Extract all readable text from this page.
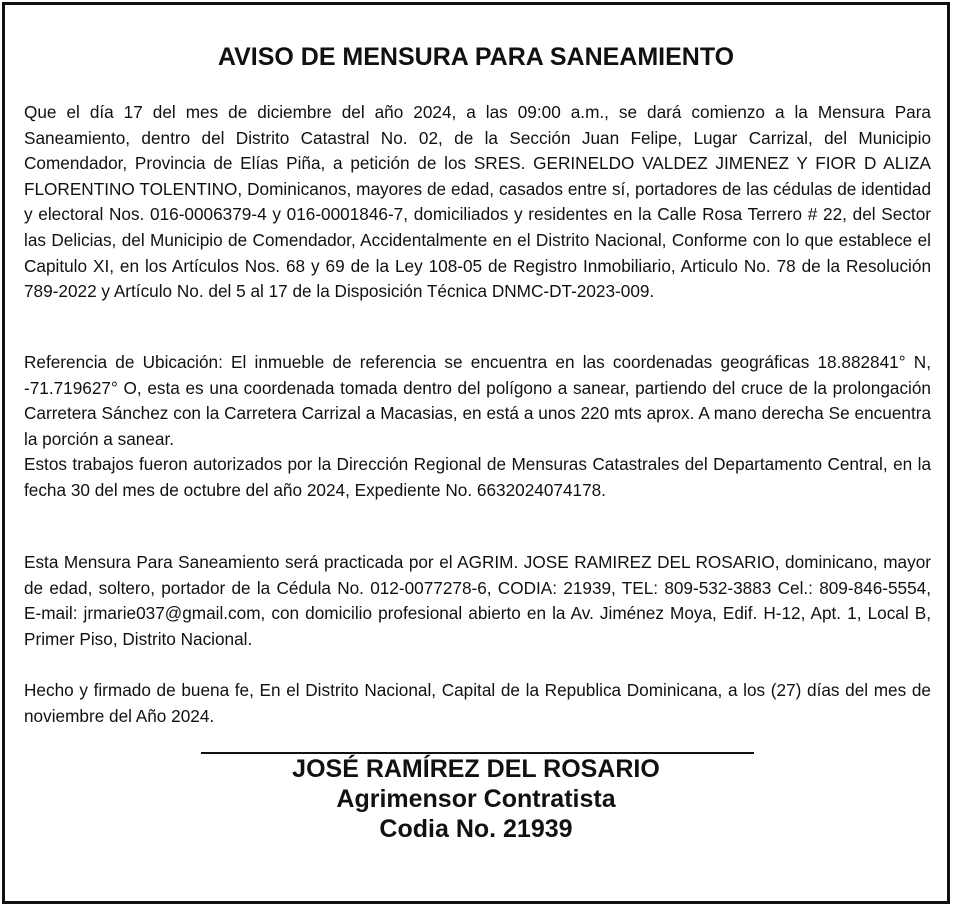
AVISO DE MENSURA PARA SANEAMIENTO

Que el día 17 del mes de diciembre del año 2024, a las 09:00 a.m., se dará comienzo a la Mensura Para Saneamiento, dentro del Distrito Catastral No. 02, de la Sección Juan Felipe, Lugar Carrizal, del Municipio Comendador, Provincia de Elías Piña, a petición de los SRES. GERINELDO VALDEZ JIMENEZ Y FIOR D ALIZA FLORENTINO TOLENTINO, Dominicanos, mayores de edad, casados entre sí, portadores de las cédulas de identidad y electoral Nos. 016-0006379-4 y 016-0001846-7, domiciliados y residentes en la Calle Rosa Terrero # 22, del Sector las Delicias, del Municipio de Comendador, Accidentalmente en el Distrito Nacional, Conforme con lo que establece el Capitulo XI, en los Artículos Nos. 68 y 69 de la Ley 108-05 de Registro Inmobiliario, Articulo No. 78 de la Resolución 789-2022 y Artículo No. del 5 al 17 de la Disposición Técnica DNMC-DT-2023-009.

Referencia de Ubicación: El inmueble de referencia se encuentra en las coordenadas geográficas 18.882841° N, -71.719627° O, esta es una coordenada tomada dentro del polígono a sanear, partiendo del cruce de la prolongación Carretera Sánchez con la Carretera Carrizal a Macasias, en está a unos 220 mts aprox. A mano derecha Se encuentra la porción a sanear.
Estos trabajos fueron autorizados por la Dirección Regional de Mensuras Catastrales del Departamento Central, en la fecha 30 del mes de octubre del año 2024, Expediente No. 6632024074178.

Esta Mensura Para Saneamiento será practicada por el AGRIM. JOSE RAMIREZ DEL ROSARIO, dominicano, mayor de edad, soltero, portador de la Cédula No. 012-0077278-6, CODIA: 21939, TEL: 809-532-3883 Cel.: 809-846-5554, E-mail: jrmarie037@gmail.com, con domicilio profesional abierto en la Av. Jiménez Moya, Edif. H-12, Apt. 1, Local B, Primer Piso, Distrito Nacional.

Hecho y firmado de buena fe, En el Distrito Nacional, Capital de la Republica Dominicana, a los (27) días del mes de noviembre del Año 2024.

JOSÉ RAMÍREZ DEL ROSARIO

Agrimensor Contratista

Codia No. 21939
